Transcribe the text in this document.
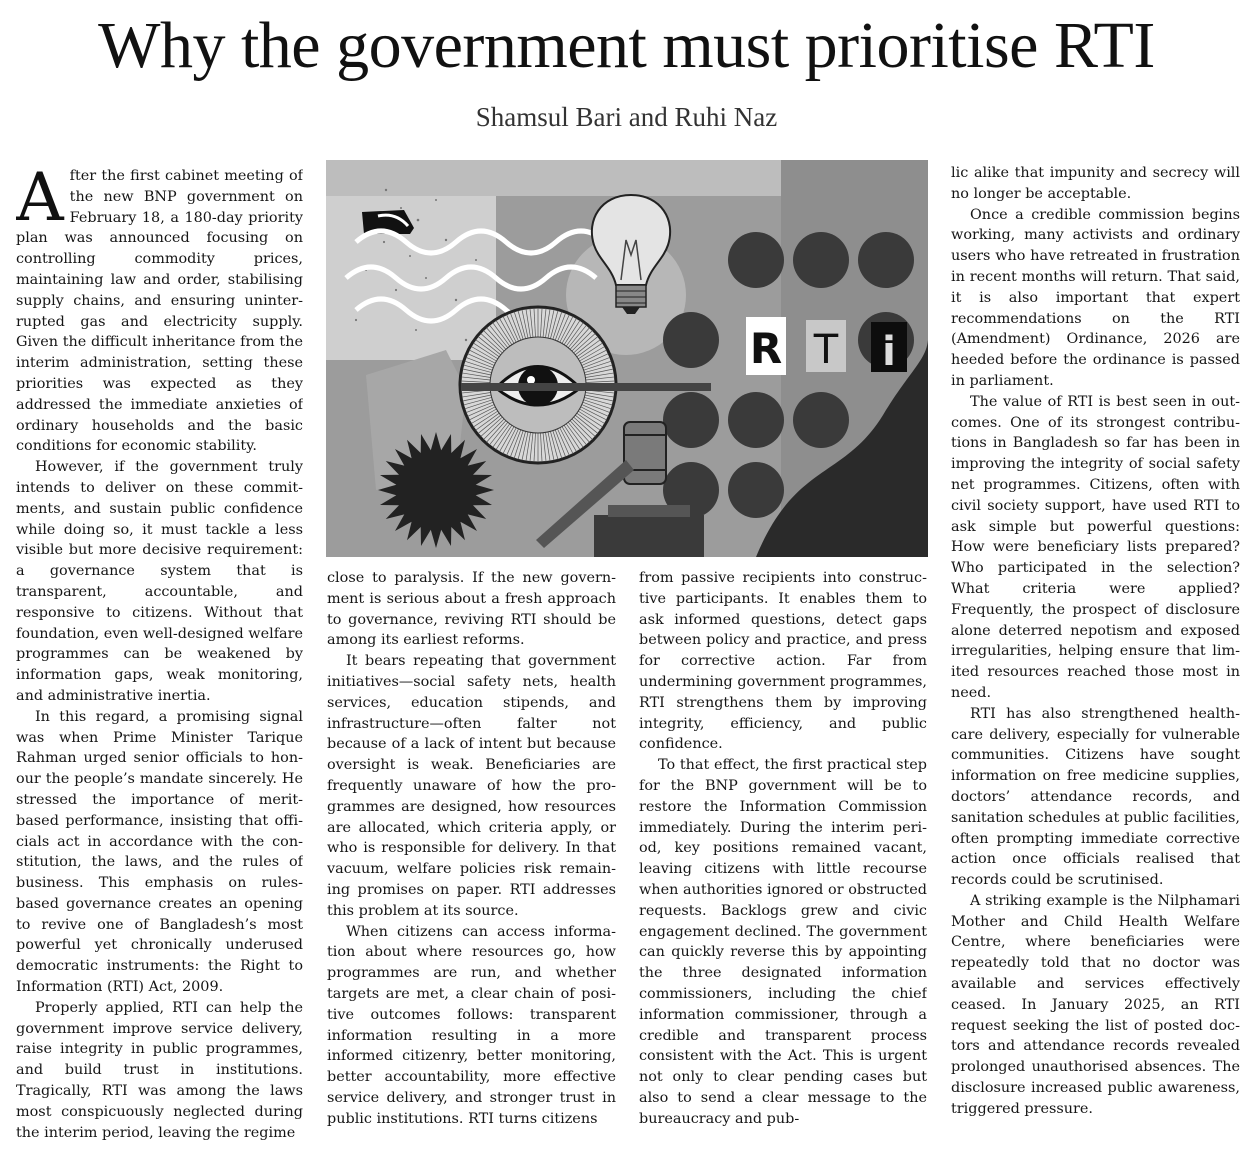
Why the government must prioritise RTI
Shamsul Bari and Ruhi Naz

After the first cabinet meeting of the new BNP government on February 18, a 180-day priority plan was announced focusing on controlling commodity prices, maintaining law and order, stabilising supply chains, and ensuring uninterrupted gas and electricity supply. Given the difficult inheritance from the interim administration, setting these priorities was expected as they addressed the immediate anxieties of ordinary households and the basic conditions for economic stability.

However, if the government truly intends to deliver on these commitments, and sustain public confidence while doing so, it must tackle a less visible but more decisive requirement: a governance system that is transparent, accountable, and responsive to citizens. Without that foundation, even well-designed welfare programmes can be weakened by information gaps, weak monitoring, and administrative inertia.

In this regard, a promising signal was when Prime Minister Tarique Rahman urged senior officials to honour the people’s mandate sincerely. He stressed the importance of merit-based performance, insisting that officials act in accordance with the constitution, the laws, and the rules of business. This emphasis on rules-based governance creates an opening to revive one of Bangladesh’s most powerful yet chronically underused democratic instruments: the Right to Information (RTI) Act, 2009.

Properly applied, RTI can help the government improve service delivery, raise integrity in public programmes, and build trust in institutions. Tragically, RTI was among the laws most conspicuously neglected during the interim period, leaving the regime

R T i

close to paralysis. If the new government is serious about a fresh approach to governance, reviving RTI should be among its earliest reforms.

It bears repeating that government initiatives—social safety nets, health services, education stipends, and infrastructure—often falter not because of a lack of intent but because oversight is weak. Beneficiaries are frequently unaware of how the programmes are designed, how resources are allocated, which criteria apply, or who is responsible for delivery. In that vacuum, welfare policies risk remaining promises on paper. RTI addresses this problem at its source.

When citizens can access information about where resources go, how programmes are run, and whether targets are met, a clear chain of positive outcomes follows: transparent information resulting in a more informed citizenry, better monitoring, better accountability, more effective service delivery, and stronger trust in public institutions. RTI turns citizens

from passive recipients into constructive participants. It enables them to ask informed questions, detect gaps between policy and practice, and press for corrective action. Far from undermining government programmes, RTI strengthens them by improving integrity, efficiency, and public confidence.

To that effect, the first practical step for the BNP government will be to restore the Information Commission immediately. During the interim period, key positions remained vacant, leaving citizens with little recourse when authorities ignored or obstructed requests. Backlogs grew and civic engagement declined. The government can quickly reverse this by appointing the three designated information commissioners, including the chief information commissioner, through a credible and transparent process consistent with the Act. This is urgent not only to clear pending cases but also to send a clear message to the bureaucracy and pub-

lic alike that impunity and secrecy will no longer be acceptable.

Once a credible commission begins working, many activists and ordinary users who have retreated in frustration in recent months will return. That said, it is also important that expert recommendations on the RTI (Amendment) Ordinance, 2026 are heeded before the ordinance is passed in parliament.

The value of RTI is best seen in outcomes. One of its strongest contributions in Bangladesh so far has been in improving the integrity of social safety net programmes. Citizens, often with civil society support, have used RTI to ask simple but powerful questions: How were beneficiary lists prepared? Who participated in the selection? What criteria were applied? Frequently, the prospect of disclosure alone deterred nepotism and exposed irregularities, helping ensure that limited resources reached those most in need.

RTI has also strengthened healthcare delivery, especially for vulnerable communities. Citizens have sought information on free medicine supplies, doctors’ attendance records, and sanitation schedules at public facilities, often prompting immediate corrective action once officials realised that records could be scrutinised.

A striking example is the Nilphamari Mother and Child Health Welfare Centre, where beneficiaries were repeatedly told that no doctor was available and services effectively ceased. In January 2025, an RTI request seeking the list of posted doctors and attendance records revealed prolonged unauthorised absences. The disclosure increased public awareness, triggered pressure.
